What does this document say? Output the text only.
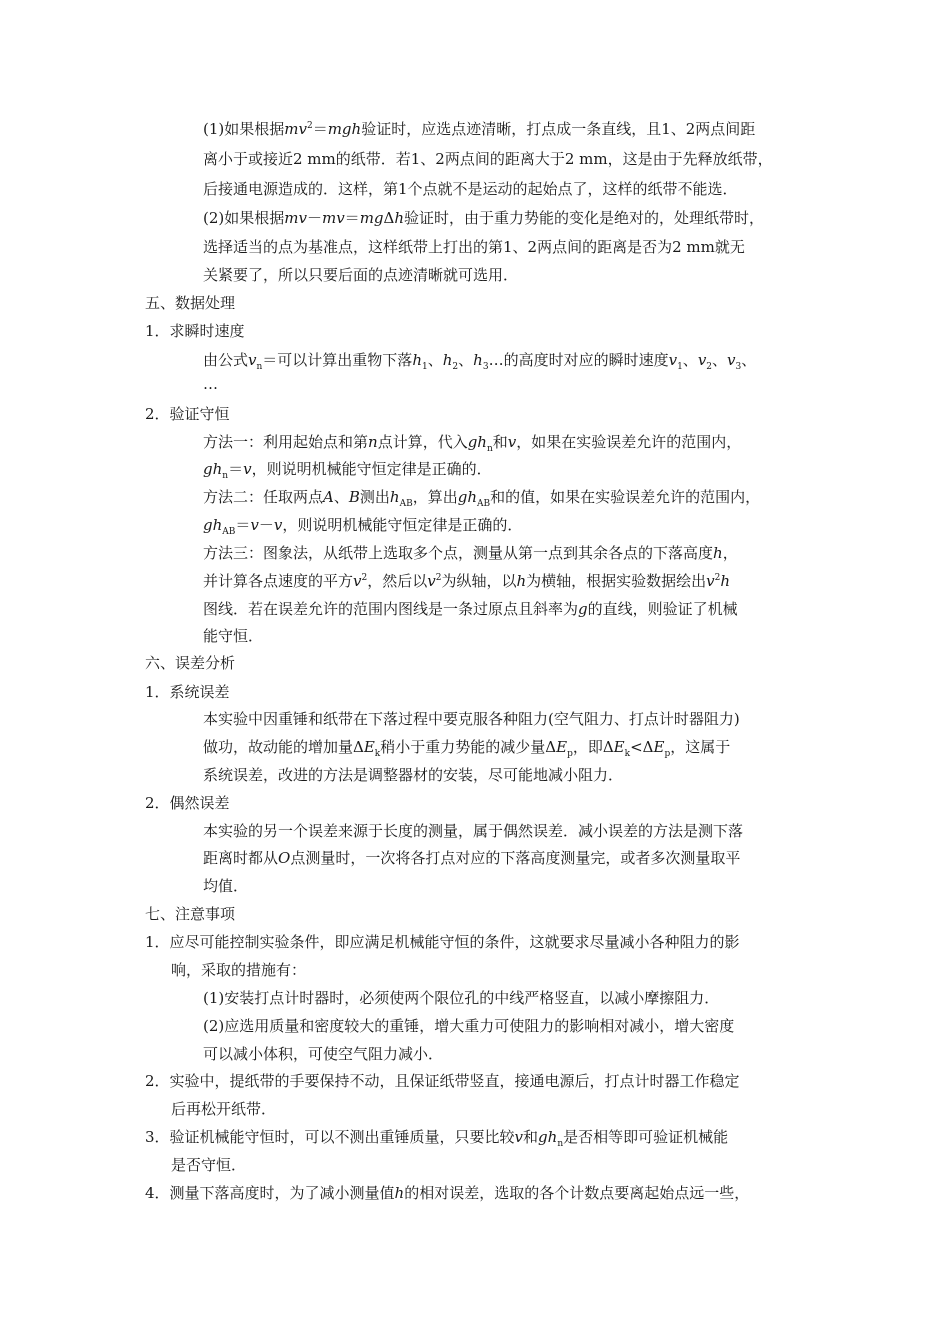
(1)如果根据$mv^2=mgh$验证时，应选点迹清晰，打点成一条直线，且1、2两点间距
离小于或接近2 mm的纸带．若1、2两点间的距离大于2 mm，这是由于先释放纸带，
后接通电源造成的．这样，第1个点就不是运动的起始点了，这样的纸带不能选．
(2)如果根据mv－mv＝mgΔh验证时，由于重力势能的变化是绝对的，处理纸带时，
选择适当的点为基准点，这样纸带上打出的第1、2两点间的距离是否为2 mm就无
关紧要了，所以只要后面的点迹清晰就可选用．
五、数据处理
1．求瞬时速度
由公式$v_n=$可以计算出重物下落$h_1$、$h_2$、$h_3\dots$的高度时对应的瞬时速度$v_1$、$v_2$、$v_3$、
…
2．验证守恒
方法一：利用起始点和第n点计算，代入$gh_n$和v，如果在实验误差允许的范围内，
$gh_n=v$，则说明机械能守恒定律是正确的．
方法二：任取两点A、B测出$h_{AB}$，算出$gh_{AB}$和的值，如果在实验误差允许的范围内，
$gh_{AB}=v-v$，则说明机械能守恒定律是正确的．
方法三：图象法，从纸带上选取多个点，测量从第一点到其余各点的下落高度h，
并计算各点速度的平方$v^2$，然后以$v^2$为纵轴，以h为横轴，根据实验数据绘出$v^2h$
图线．若在误差允许的范围内图线是一条过原点且斜率为g的直线，则验证了机械
能守恒．
六、误差分析
1．系统误差
本实验中因重锤和纸带在下落过程中要克服各种阻力(空气阻力、打点计时器阻力)
做功，故动能的增加量$\Delta E_k$稍小于重力势能的减少量$\Delta E_p$，即$\Delta E_k<\Delta E_p$，这属于
系统误差，改进的方法是调整器材的安装，尽可能地减小阻力．
2．偶然误差
本实验的另一个误差来源于长度的测量，属于偶然误差．减小误差的方法是测下落
距离时都从O点测量时，一次将各打点对应的下落高度测量完，或者多次测量取平
均值．
七、注意事项
1．应尽可能控制实验条件，即应满足机械能守恒的条件，这就要求尽量减小各种阻力的影
响，采取的措施有：
(1)安装打点计时器时，必须使两个限位孔的中线严格竖直，以减小摩擦阻力．
(2)应选用质量和密度较大的重锤，增大重力可使阻力的影响相对减小，增大密度
可以减小体积，可使空气阻力减小．
2．实验中，提纸带的手要保持不动，且保证纸带竖直，接通电源后，打点计时器工作稳定
后再松开纸带．
3．验证机械能守恒时，可以不测出重锤质量，只要比较v和$gh_n$是否相等即可验证机械能
是否守恒．
4．测量下落高度时，为了减小测量值h的相对误差，选取的各个计数点要离起始点远一些，
